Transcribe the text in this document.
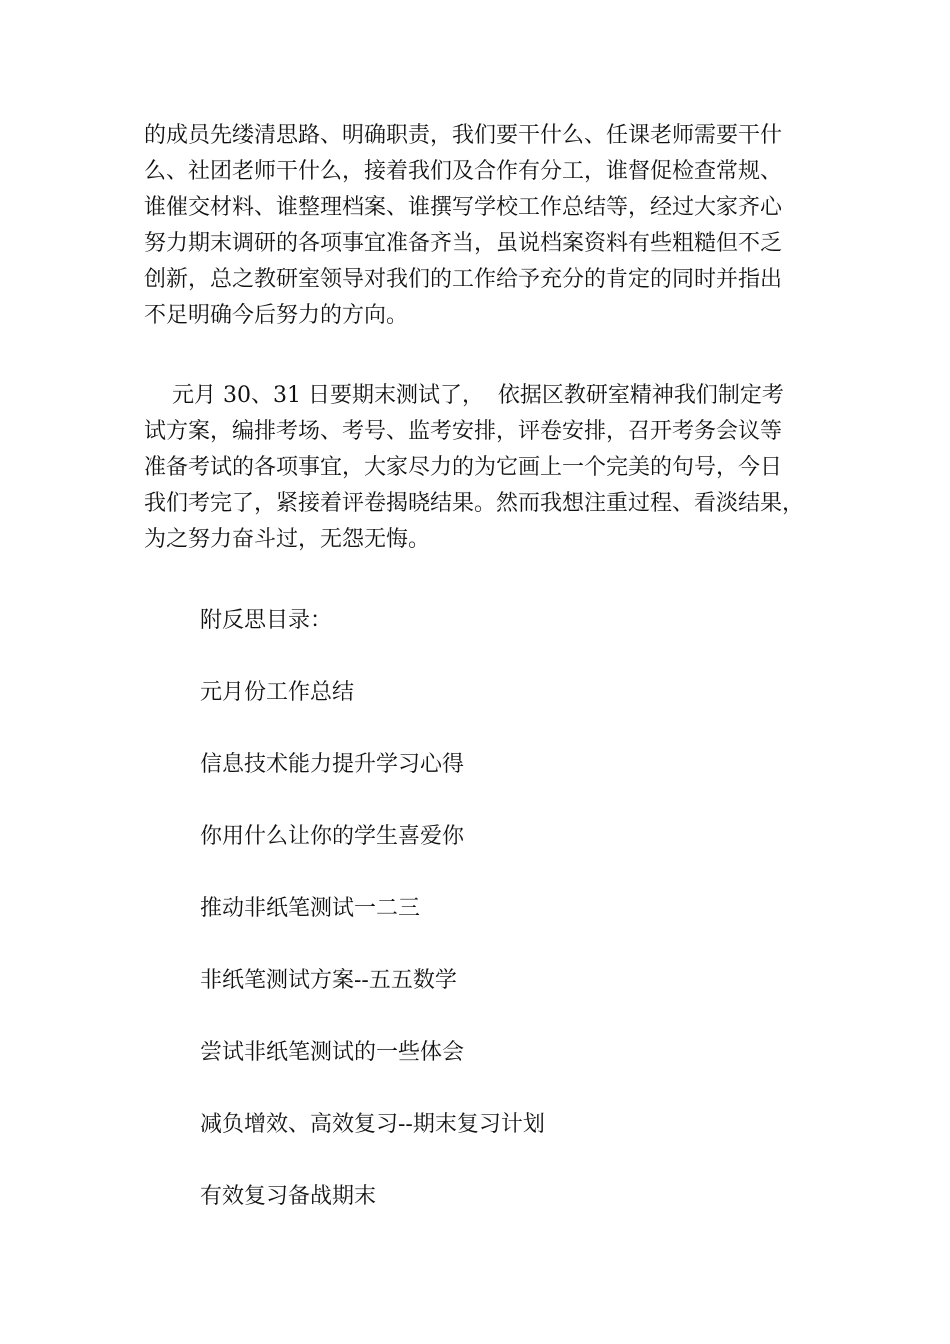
的成员先缕清思路、明确职责，我们要干什么、任课老师需要干什
么、社团老师干什么，接着我们及合作有分工，谁督促检查常规、
谁催交材料、谁整理档案、谁撰写学校工作总结等，经过大家齐心
努力期末调研的各项事宜准备齐当，虽说档案资料有些粗糙但不乏
创新，总之教研室领导对我们的工作给予充分的肯定的同时并指出
不足明确今后努力的方向。
元月 30、31 日要期末测试了，  依据区教研室精神我们制定考
试方案，编排考场、考号、监考安排，评卷安排，召开考务会议等
准备考试的各项事宜，大家尽力的为它画上一个完美的句号，今日
我们考完了，紧接着评卷揭晓结果。然而我想注重过程、看淡结果，
为之努力奋斗过，无怨无悔。

附反思目录：

元月份工作总结

信息技术能力提升学习心得

你用什么让你的学生喜爱你

推动非纸笔测试一二三

非纸笔测试方案--五五数学

尝试非纸笔测试的一些体会

减负增效、高效复习--期末复习计划

有效复习备战期末
